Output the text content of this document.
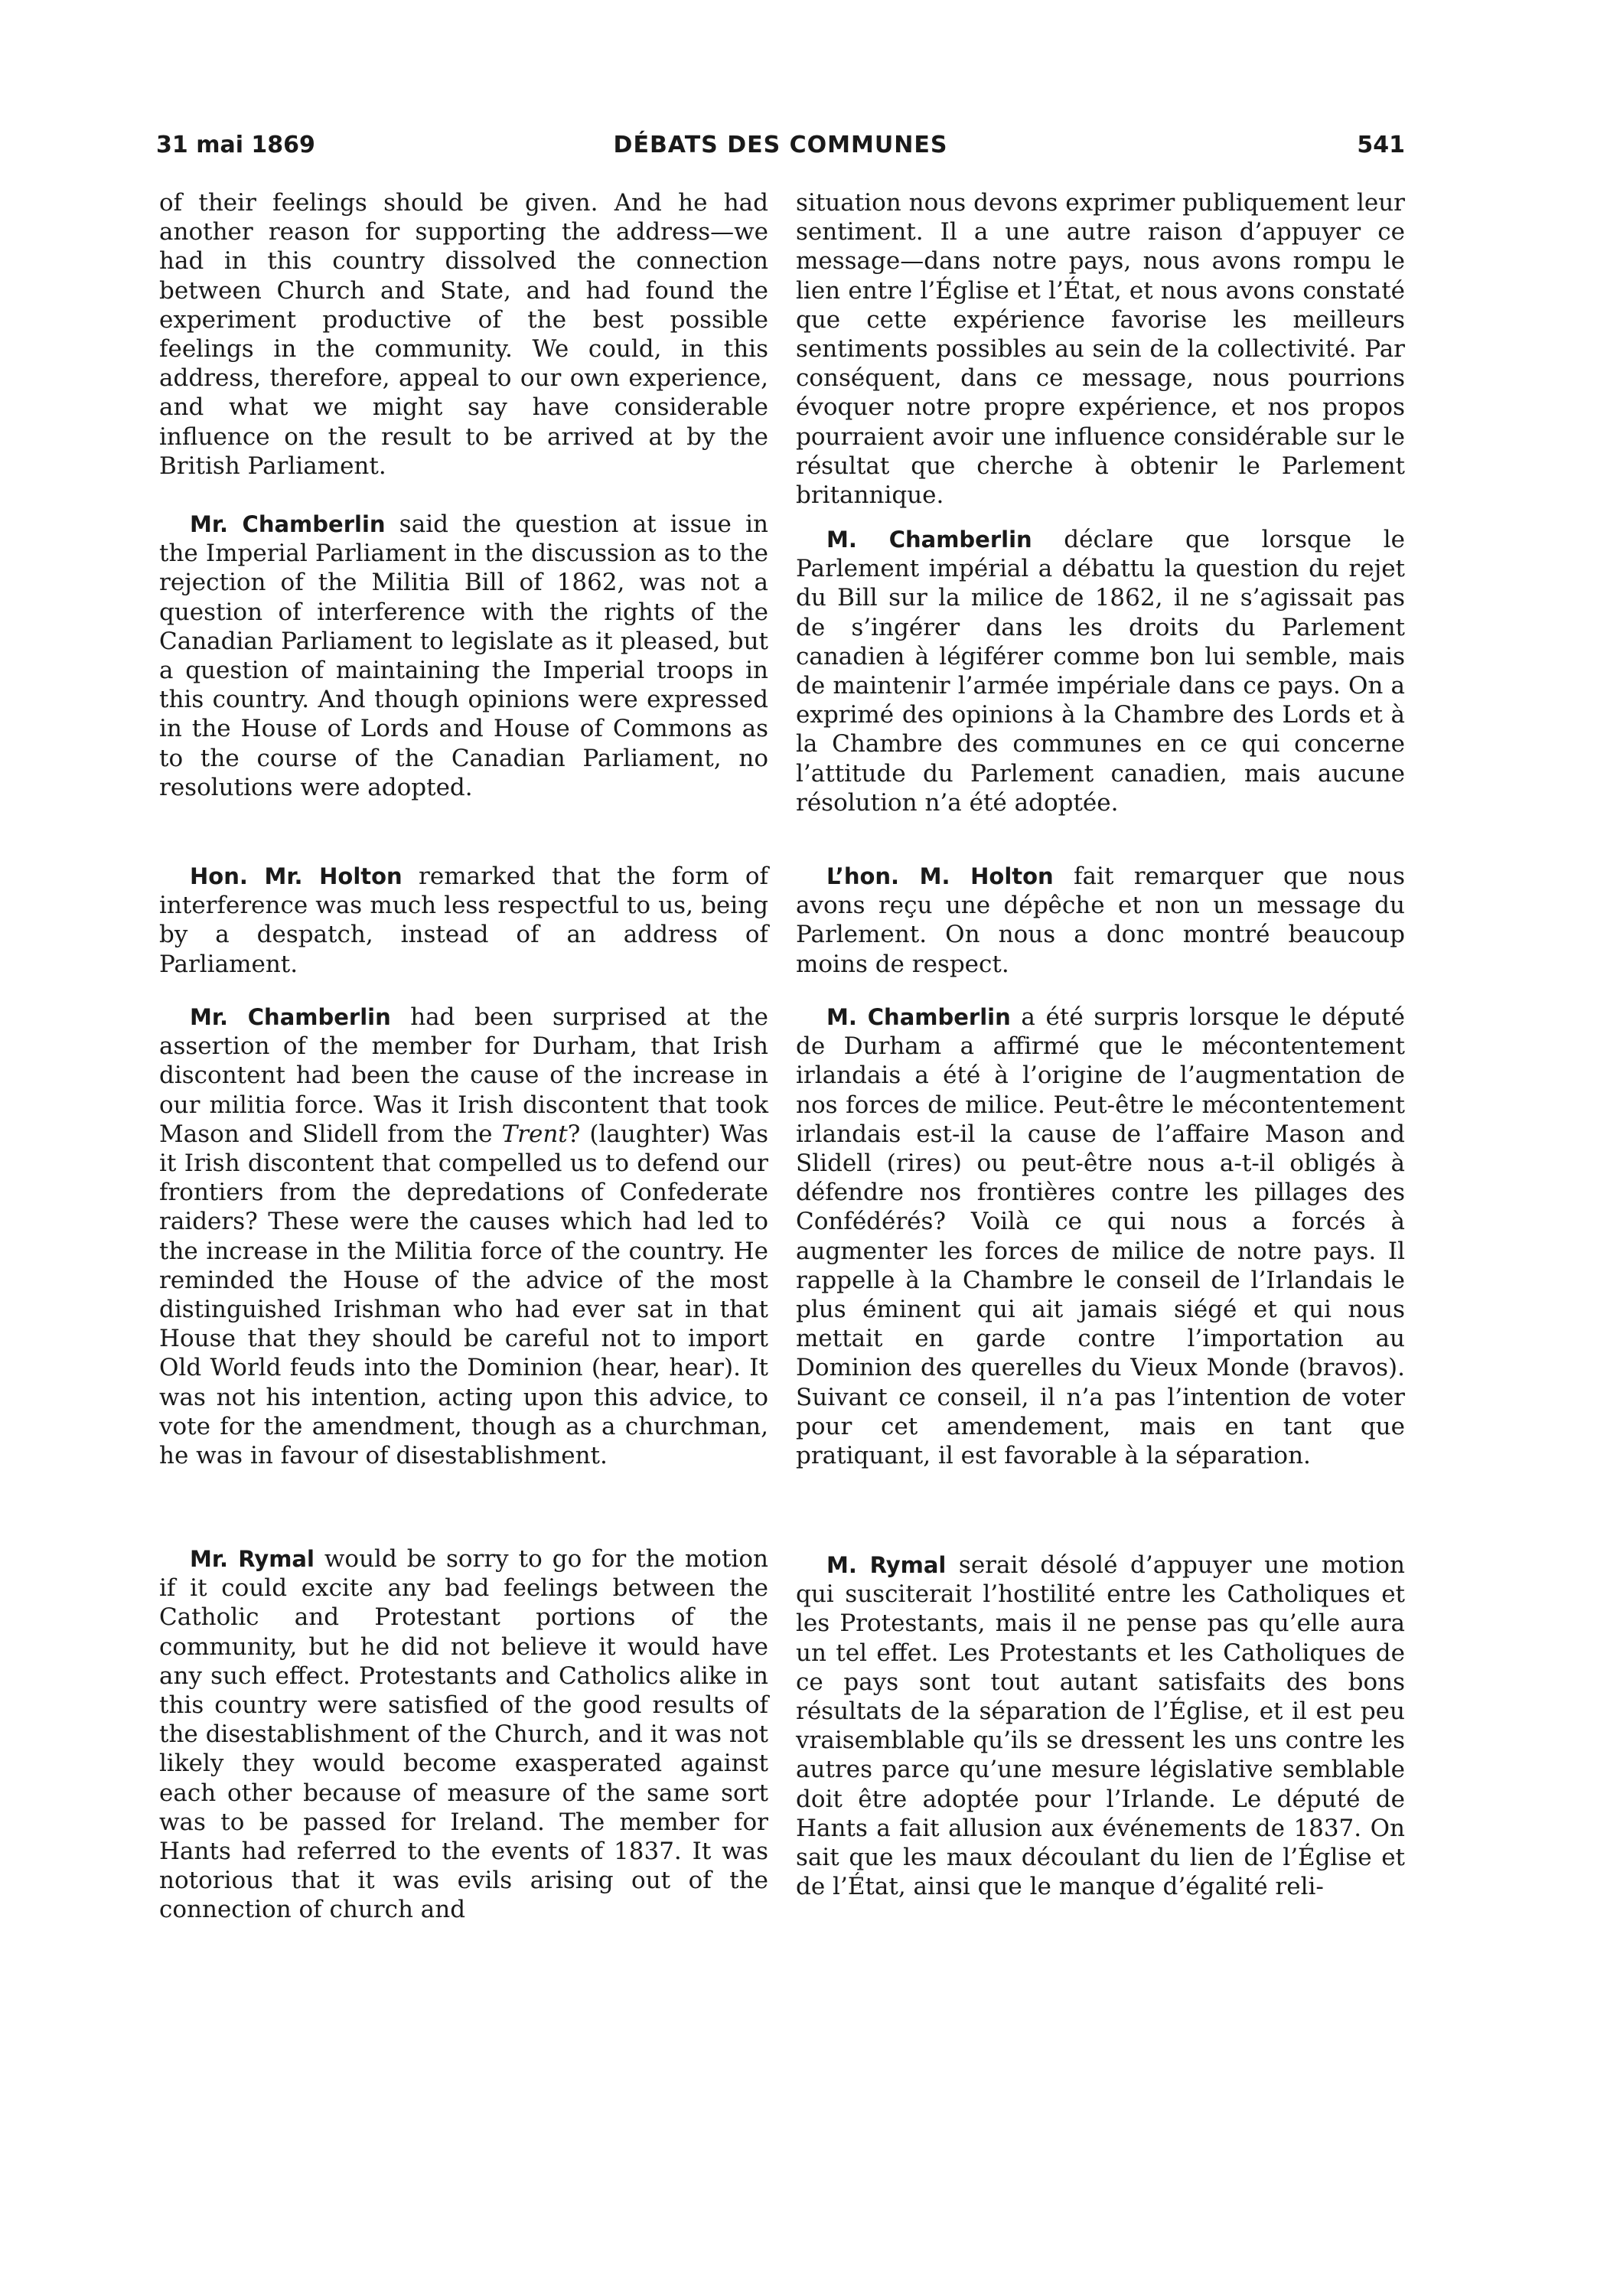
31 mai 1869	DÉBATS DES COMMUNES	541

of their feelings should be given. And he had another reason for supporting the address—we had in this country dissolved the connection between Church and State, and had found the experiment productive of the best possible feelings in the community. We could, in this address, therefore, appeal to our own experience, and what we might say have considerable influence on the result to be arrived at by the British Parliament.

Mr. Chamberlin said the question at issue in the Imperial Parliament in the discussion as to the rejection of the Militia Bill of 1862, was not a question of interference with the rights of the Canadian Parliament to legislate as it pleased, but a question of maintaining the Imperial troops in this country. And though opinions were expressed in the House of Lords and House of Commons as to the course of the Canadian Parliament, no resolutions were adopted.

Hon. Mr. Holton remarked that the form of interference was much less respectful to us, being by a despatch, instead of an address of Parliament.

Mr. Chamberlin had been surprised at the assertion of the member for Durham, that Irish discontent had been the cause of the increase in our militia force. Was it Irish discontent that took Mason and Slidell from the Trent? (laughter) Was it Irish discontent that compelled us to defend our frontiers from the depredations of Confederate raiders? These were the causes which had led to the increase in the Militia force of the country. He reminded the House of the advice of the most distinguished Irishman who had ever sat in that House that they should be careful not to import Old World feuds into the Dominion (hear, hear). It was not his intention, acting upon this advice, to vote for the amendment, though as a churchman, he was in favour of disestablishment.

Mr. Rymal would be sorry to go for the motion if it could excite any bad feelings between the Catholic and Protestant portions of the community, but he did not believe it would have any such effect. Protestants and Catholics alike in this country were satisfied of the good results of the disestablishment of the Church, and it was not likely they would become exasperated against each other because of measure of the same sort was to be passed for Ireland. The member for Hants had referred to the events of 1837. It was notorious that it was evils arising out of the connection of church and

situation nous devons exprimer publiquement leur sentiment. Il a une autre raison d’appuyer ce message—dans notre pays, nous avons rompu le lien entre l’Église et l’État, et nous avons constaté que cette expérience favorise les meilleurs sentiments possibles au sein de la collectivité. Par conséquent, dans ce message, nous pourrions évoquer notre propre expérience, et nos propos pourraient avoir une influence considérable sur le résultat que cherche à obtenir le Parlement britannique.

M. Chamberlin déclare que lorsque le Parlement impérial a débattu la question du rejet du Bill sur la milice de 1862, il ne s’agissait pas de s’ingérer dans les droits du Parlement canadien à légiférer comme bon lui semble, mais de maintenir l’armée impériale dans ce pays. On a exprimé des opinions à la Chambre des Lords et à la Chambre des communes en ce qui concerne l’attitude du Parlement canadien, mais aucune résolution n’a été adoptée.

L’hon. M. Holton fait remarquer que nous avons reçu une dépêche et non un message du Parlement. On nous a donc montré beaucoup moins de respect.

M. Chamberlin a été surpris lorsque le député de Durham a affirmé que le mécontentement irlandais a été à l’origine de l’augmentation de nos forces de milice. Peut-être le mécontentement irlandais est-il la cause de l’affaire Mason and Slidell (rires) ou peut-être nous a-t-il obligés à défendre nos frontières contre les pillages des Confédérés? Voilà ce qui nous a forcés à augmenter les forces de milice de notre pays. Il rappelle à la Chambre le conseil de l’Irlandais le plus éminent qui ait jamais siégé et qui nous mettait en garde contre l’importation au Dominion des querelles du Vieux Monde (bravos). Suivant ce conseil, il n’a pas l’intention de voter pour cet amendement, mais en tant que pratiquant, il est favorable à la séparation.

M. Rymal serait désolé d’appuyer une motion qui susciterait l’hostilité entre les Catholiques et les Protestants, mais il ne pense pas qu’elle aura un tel effet. Les Protestants et les Catholiques de ce pays sont tout autant satisfaits des bons résultats de la séparation de l’Église, et il est peu vraisemblable qu’ils se dressent les uns contre les autres parce qu’une mesure législative semblable doit être adoptée pour l’Irlande. Le député de Hants a fait allusion aux événements de 1837. On sait que les maux découlant du lien de l’Église et de l’État, ainsi que le manque d’égalité reli-
